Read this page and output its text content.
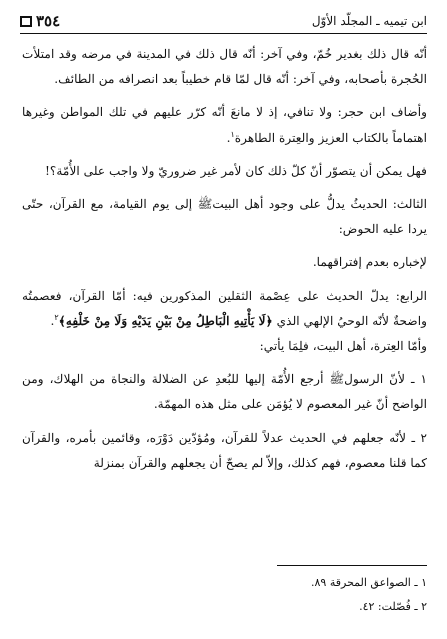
٣٥٤	ابن تيميه ـ المجلّد الأوّل

أنّه قال ذلك بغدير خُمّ، وفي آخر: أنّه قال ذلك في المدينة في مرضه وقد امتلأت الحُجرة بأصحابه، وفي آخر: أنّه قال لمّا قام خطيباً بعد انصرافه من الطائف.

وأضاف ابن حجر: ولا تنافي، إذ لا مانعَ أنّه كرّر عليهم في تلك المواطن وغيرها اهتماماً بالكتاب العزيز والعِترة الطاهرة$^١$.

فهل يمكن أن يتصوّر أنّ كلّ ذلك كان لأمر غير ضروريّ ولا واجب على الأُمّة؟!

الثالث: الحديثُ يدلُّ على وجود أهل البيتﷺ إلى يوم القيامة، مع القرآن، حتّى يردا عليه الحوض:

لإخباره بعدم إفتراقهما.

الرابع: يدلّ الحديث على عِصْمة الثقلين المذكورين فيه: أمّا القرآن، فعصمتُه واضحةٌ لأنّه الوحيُ الإلهي الذي ﴿لَا يَأْتِيهِ الْبَاطِلُ مِنْ بَيْنِ يَدَيْهِ وَلَا مِنْ خَلْفِهِ﴾$^٢$.

وأمّا العِترة، أهل البيت، فلِمَا يأتي:

١ ـ لأنّ الرسولﷺ أرجع الأُمّة إليها للبُعدِ عن الضلالة والنجاة من الهلاك، ومن الواضح أنّ غير المعصوم لا يُؤمَن على مثل هذه المهمّة.

٢ ـ لأنّه جعلهم في الحديث عدلاً للقرآن، ومُؤدّين دَوْرَه، وقائمين بأمره، والقرآن كما قلنا معصوم، فهم كذلك، وإلاّ لم يصحّ أن يجعلهم والقرآن بمنزلة

١ ـ الصواعق المحرقة ٨٩.
٢ ـ فُصّلت: ٤٢.
